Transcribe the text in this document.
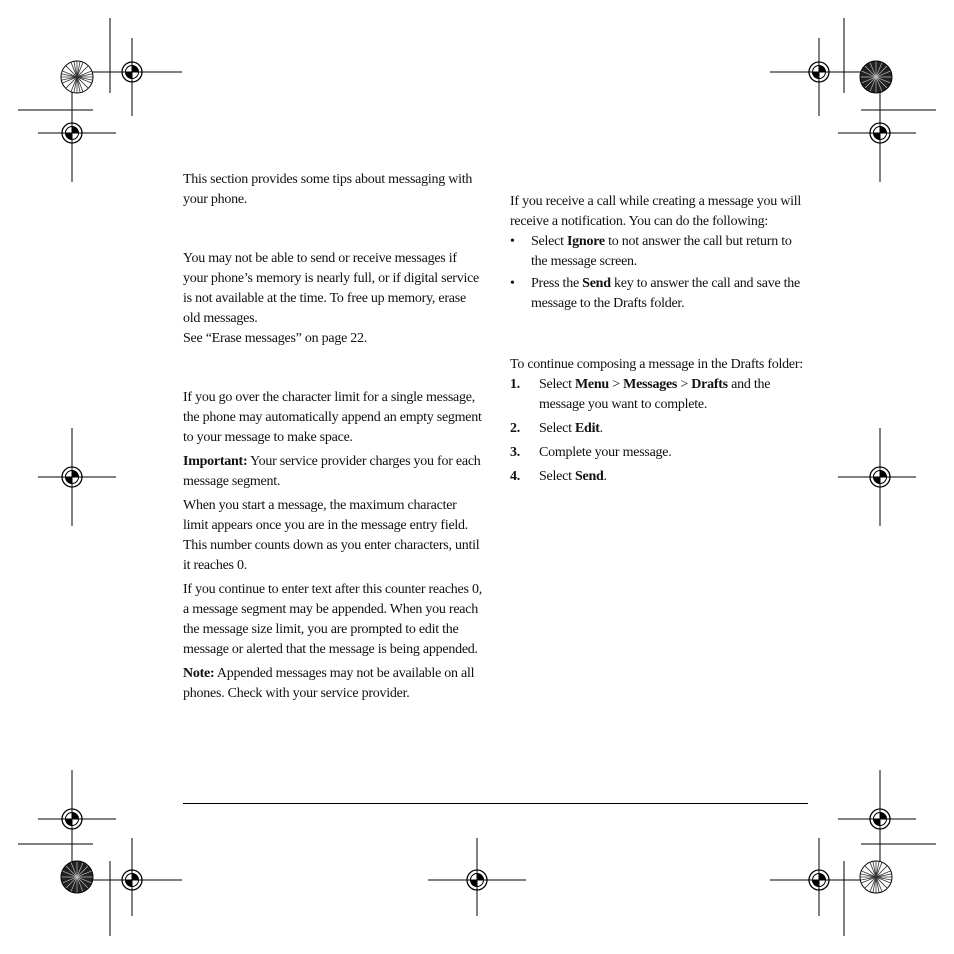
This section provides some tips about messaging with your phone.

You may not be able to send or receive messages if your phone’s memory is nearly full, or if digital service is not available at the time. To free up memory, erase old messages.

See “Erase messages” on page 22.

If you go over the character limit for a single message, the phone may automatically append an empty segment to your message to make space.

Important: Your service provider charges you for each message segment.

When you start a message, the maximum character limit appears once you are in the message entry field. This number counts down as you enter characters, until it reaches 0.

If you continue to enter text after this counter reaches 0, a message segment may be appended. When you reach the message size limit, you are prompted to edit the message or alerted that the message is being appended.

Note: Appended messages may not be available on all phones. Check with your service provider.

If you receive a call while creating a message you will receive a notification. You can do the following:

• Select Ignore to not answer the call but return to the message screen.
• Press the Send key to answer the call and save the message to the Drafts folder.

To continue composing a message in the Drafts folder:

1. Select Menu > Messages > Drafts and the message you want to complete.
2. Select Edit.
3. Complete your message.
4. Select Send.
